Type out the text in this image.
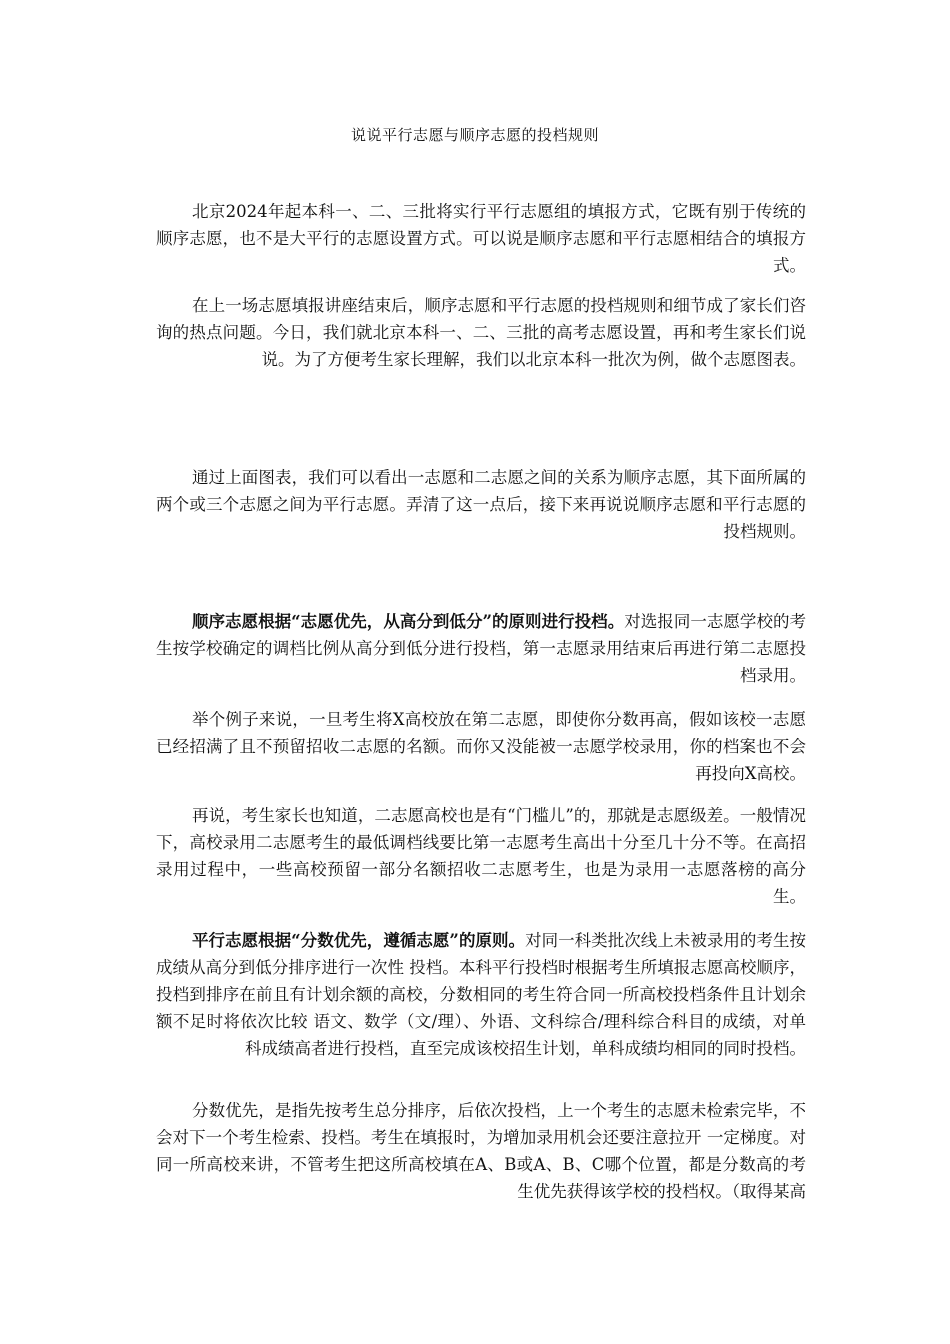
说说平行志愿与顺序志愿的投档规则
北京2024年起本科一、二、三批将实行平行志愿组的填报方式，它既有别于传统的顺序志愿，也不是大平行的志愿设置方式。可以说是顺序志愿和平行志愿相结合的填报方式。
在上一场志愿填报讲座结束后，顺序志愿和平行志愿的投档规则和细节成了家长们咨询的热点问题。今日，我们就北京本科一、二、三批的高考志愿设置，再和考生家长们说说。为了方便考生家长理解，我们以北京本科一批次为例，做个志愿图表。
通过上面图表，我们可以看出一志愿和二志愿之间的关系为顺序志愿，其下面所属的两个或三个志愿之间为平行志愿。弄清了这一点后，接下来再说说顺序志愿和平行志愿的投档规则。
顺序志愿根据“志愿优先，从高分到低分”的原则进行投档。对选报同一志愿学校的考生按学校确定的调档比例从高分到低分进行投档，第一志愿录用结束后再进行第二志愿投档录用。
举个例子来说，一旦考生将X高校放在第二志愿，即使你分数再高，假如该校一志愿已经招满了且不预留招收二志愿的名额。而你又没能被一志愿学校录用，你的档案也不会再投向X高校。
再说，考生家长也知道，二志愿高校也是有“门槛儿”的，那就是志愿级差。一般情况下，高校录用二志愿考生的最低调档线要比第一志愿考生高出十分至几十分不等。在高招录用过程中，一些高校预留一部分名额招收二志愿考生，也是为录用一志愿落榜的高分生。
平行志愿根据“分数优先，遵循志愿”的原则。对同一科类批次线上未被录用的考生按成绩从高分到低分排序进行一次性 投档。本科平行投档时根据考生所填报志愿高校顺序，投档到排序在前且有计划余额的高校，分数相同的考生符合同一所高校投档条件且计划余额不足时将依次比较 语文、数学（文/理）、外语、文科综合/理科综合科目的成绩，对单科成绩高者进行投档，直至完成该校招生计划，单科成绩均相同的同时投档。
分数优先，是指先按考生总分排序，后依次投档，上一个考生的志愿未检索完毕，不会对下一个考生检索、投档。考生在填报时，为增加录用机会还要注意拉开 一定梯度。对同一所高校来讲，不管考生把这所高校填在A、B或A、B、C哪个位置，都是分数高的考生优先获得该学校的投档权。（取得某高
